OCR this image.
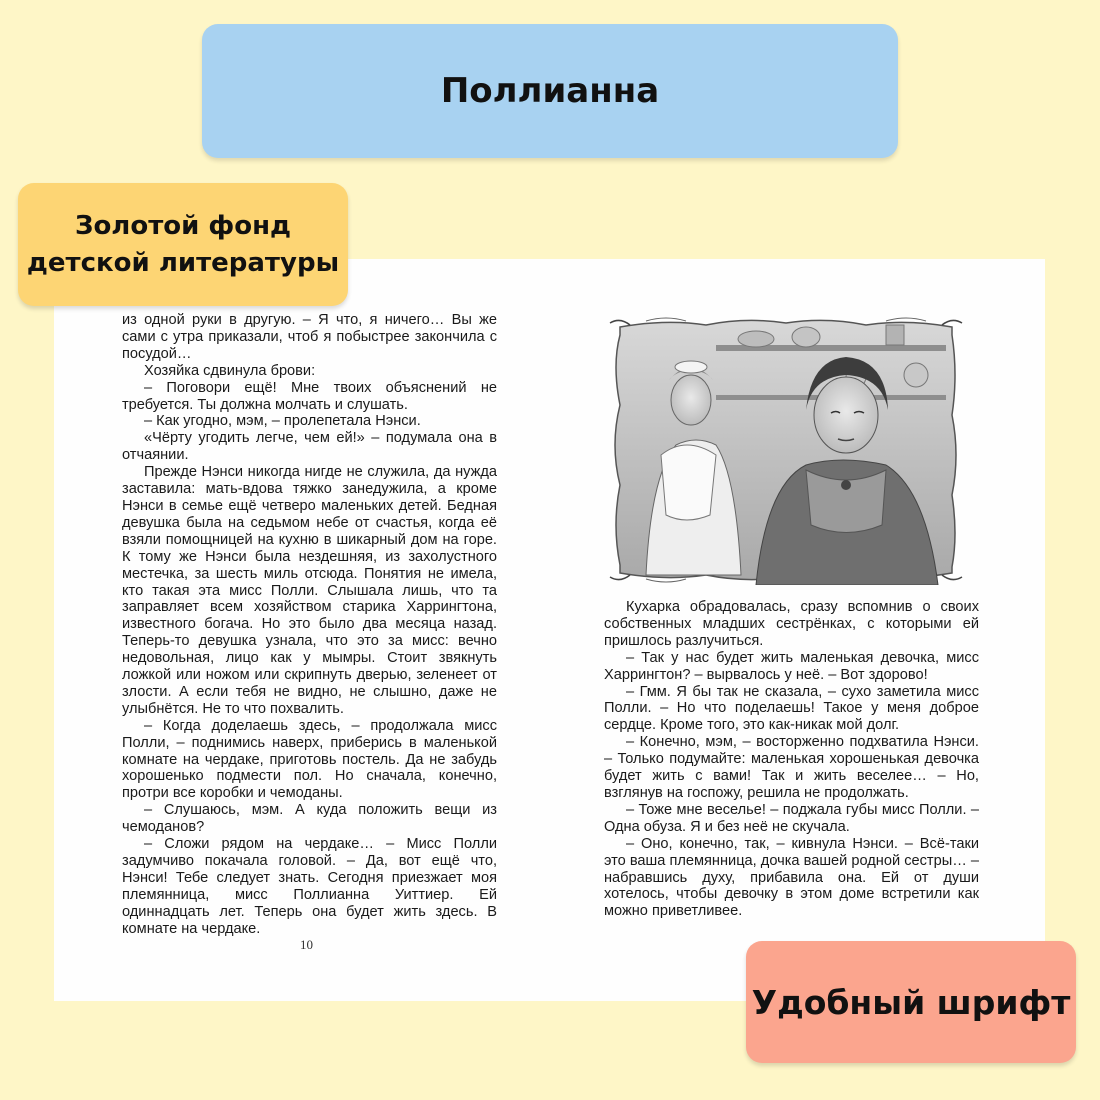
Поллианна

из одной руки в другую. – Я что, я ничего… Вы же сами с утра приказали, чтоб я побыстрее закончила с посудой…

Хозяйка сдвинула брови:

– Поговори ещё! Мне твоих объяснений не требуется. Ты должна молчать и слушать.

– Как угодно, мэм, – пролепетала Нэнси.

«Чёрту угодить легче, чем ей!» – подумала она в отчаянии.

Прежде Нэнси никогда нигде не служила, да нужда заставила: мать-вдова тяжко занедужила, а кроме Нэнси в семье ещё четверо маленьких детей. Бедная девушка была на седьмом небе от счастья, когда её взяли помощницей на кухню в шикарный дом на горе. К тому же Нэнси была нездешняя, из захолустного местечка, за шесть миль отсюда. Понятия не имела, кто такая эта мисс Полли. Слышала лишь, что та заправляет всем хозяйством старика Харрингтона, известного богача. Но это было два месяца назад. Теперь-то девушка узнала, что это за мисс: вечно недовольная, лицо как у мымры. Стоит звякнуть ложкой или ножом или скрипнуть дверью, зеленеет от злости. А если тебя не видно, не слышно, даже не улыбнётся. Не то что похвалить.

– Когда доделаешь здесь, – продолжала мисс Полли, – поднимись наверх, приберись в маленькой комнате на чердаке, приготовь постель. Да не забудь хорошенько подмести пол. Но сначала, конечно, протри все коробки и чемоданы.

– Слушаюсь, мэм. А куда положить вещи из чемоданов?

– Сложи рядом на чердаке… – Мисс Полли задумчиво покачала головой. – Да, вот ещё что, Нэнси! Тебе следует знать. Сегодня приезжает моя племянница, мисс Поллианна Уиттиер. Ей одиннадцать лет. Теперь она будет жить здесь. В комнате на чердаке.

Кухарка обрадовалась, сразу вспомнив о своих собственных младших сестрёнках, с которыми ей пришлось разлучиться.

– Так у нас будет жить маленькая девочка, мисс Харрингтон? – вырвалось у неё. – Вот здорово!

– Гмм. Я бы так не сказала, – сухо заметила мисс Полли. – Но что поделаешь! Такое у меня доброе сердце. Кроме того, это как-никак мой долг.

– Конечно, мэм, – восторженно подхватила Нэнси. – Только подумайте: маленькая хорошенькая девочка будет жить с вами! Так и жить веселее… – Но, взглянув на госпожу, решила не продолжать.

– Тоже мне веселье! – поджала губы мисс Полли. – Одна обуза. Я и без неё не скучала.

– Оно, конечно, так, – кивнула Нэнси. – Всё-таки это ваша племянница, дочка вашей родной сестры… – набравшись духу, прибавила она. Ей от души хотелось, чтобы девочку в этом доме встретили как можно приветливее.

10
Золотой фонд
детской литературы
Удобный шрифт
